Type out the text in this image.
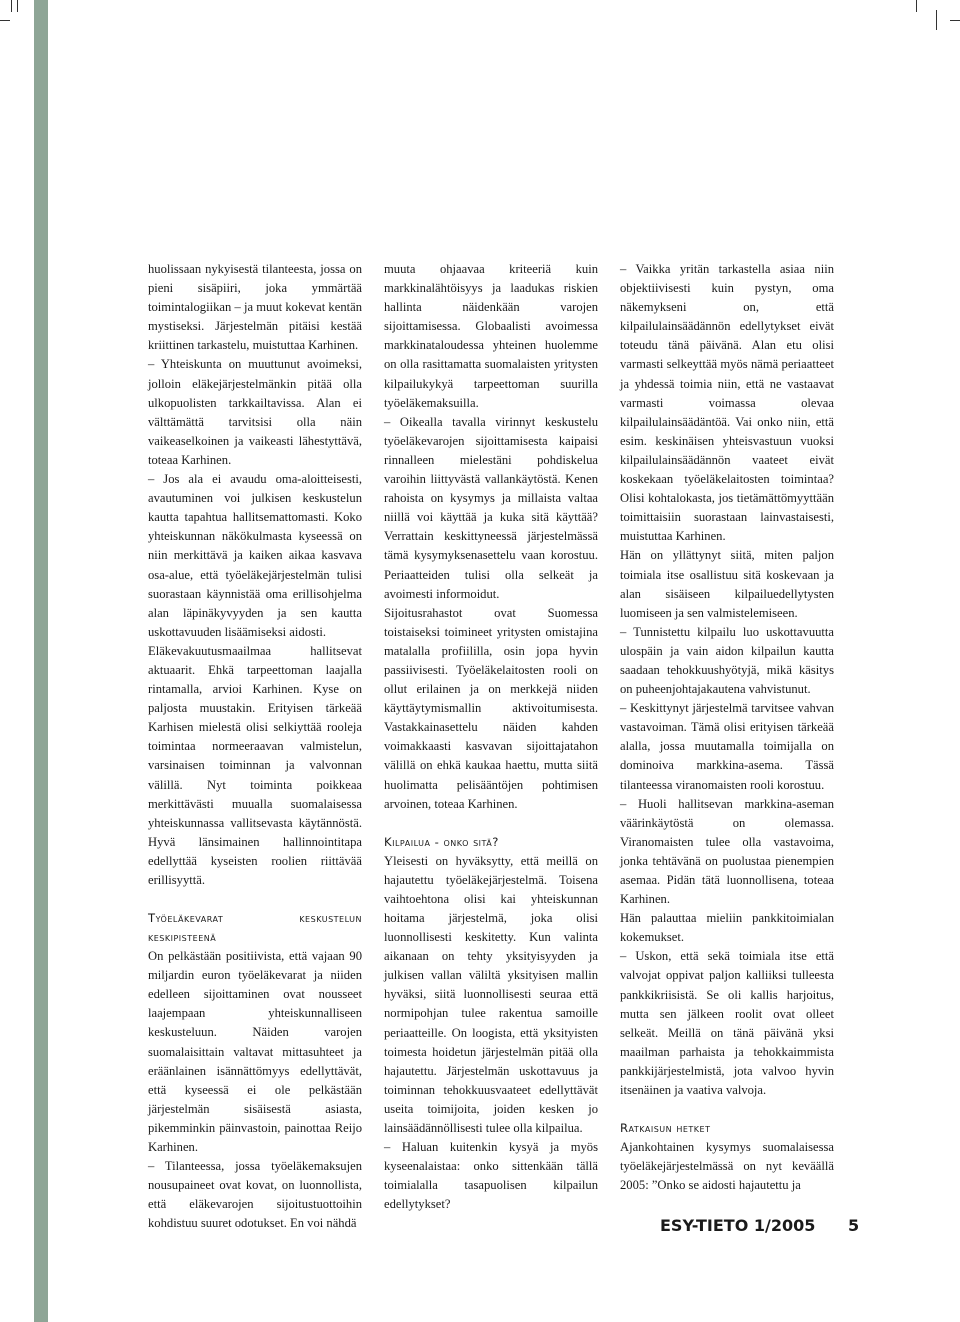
huolissaan nykyisestä tilanteesta, jossa on pieni sisäpiiri, joka ymmärtää toimintalogiikan – ja muut kokevat kentän mystiseksi. Järjestelmän pitäisi kestää kriittinen tarkastelu, muistuttaa Karhinen.

– Yhteiskunta on muuttunut avoimeksi, jolloin eläkejärjestelmänkin pitää olla ulkopuolisten tarkkailtavissa. Alan ei välttämättä tarvitsisi olla näin vaikeaselkoinen ja vaikeasti lähestyttävä, toteaa Karhinen.

– Jos ala ei avaudu oma-aloitteisesti, avautuminen voi julkisen keskustelun kautta tapahtua hallitsemattomasti. Koko yhteiskunnan näkökulmasta kyseessä on niin merkittävä ja kaiken aikaa kasvava osa-alue, että työeläkejärjestelmän tulisi suorastaan käynnistää oma erillisohjelma alan läpinäkyvyyden ja sen kautta uskottavuuden lisäämiseksi aidosti.

Eläkevakuutusmaailmaa hallitsevat aktuaarit. Ehkä tarpeettoman laajalla rintamalla, arvioi Karhinen. Kyse on paljosta muustakin. Erityisen tärkeää Karhisen mielestä olisi selkiyttää rooleja toimintaa normeeraavan valmistelun, varsinaisen toiminnan ja valvonnan välillä. Nyt toiminta poikkeaa merkittävästi muualla suomalaisessa yhteiskunnassa vallitsevasta käytännöstä. Hyvä länsimainen hallinnointitapa edellyttää kyseisten roolien riittävää erillisyyttä.

Työeläkevarat keskustelun keskipisteenä

On pelkästään positiivista, että vajaan 90 miljardin euron työeläkevarat ja niiden edelleen sijoittaminen ovat nousseet laajempaan yhteiskunnalliseen keskusteluun. Näiden varojen suomalaisittain valtavat mittasuhteet ja eräänlainen isännättömyys edellyttävät, että kyseessä ei ole pelkästään järjestelmän sisäisestä asiasta, pikemminkin päinvastoin, painottaa Reijo Karhinen.

– Tilanteessa, jossa työeläkemaksujen nousupaineet ovat kovat, on luonnollista, että eläkevarojen sijoitustuottoihin kohdistuu suuret odotukset. En voi nähdä

muuta ohjaavaa kriteeriä kuin markkinalähtöisyys ja laadukas riskien hallinta näidenkään varojen sijoittamisessa. Globaalisti avoimessa markkinataloudessa yhteinen huolemme on olla rasittamatta suomalaisten yritysten kilpailukykyä tarpeettoman suurilla työeläkemaksuilla.

– Oikealla tavalla virinnyt keskustelu työeläkevarojen sijoittamisesta kaipaisi rinnalleen mielestäni pohdiskelua varoihin liittyvästä vallankäytöstä. Kenen rahoista on kysymys ja millaista valtaa niillä voi käyttää ja kuka sitä käyttää? Verrattain keskittyneessä järjestelmässä tämä kysymyksenasettelu vaan korostuu. Periaatteiden tulisi olla selkeät ja avoimesti informoidut.

Sijoitusrahastot ovat Suomessa toistaiseksi toimineet yritysten omistajina matalalla profiililla, osin jopa hyvin passiivisesti. Työeläkelaitosten rooli on ollut erilainen ja on merkkejä niiden käyttäytymismallin aktivoitumisesta. Vastakkainasettelu näiden kahden voimakkaasti kasvavan sijoittajatahon välillä on ehkä kaukaa haettu, mutta siitä huolimatta pelisääntöjen pohtimisen arvoinen, toteaa Karhinen.

Kilpailua - onko sitä?

Yleisesti on hyväksytty, että meillä on hajautettu työeläkejärjestelmä. Toisena vaihtoehtona olisi kai yhteiskunnan hoitama järjestelmä, joka olisi luonnollisesti keskitetty. Kun valinta aikanaan on tehty yksityisyyden ja julkisen vallan väliltä yksityisen mallin hyväksi, siitä luonnollisesti seuraa että normipohjan tulee rakentua samoille periaatteille. On loogista, että yksityisten toimesta hoidetun järjestelmän pitää olla hajautettu. Järjestelmän uskottavuus ja toiminnan tehokkuusvaateet edellyttävät useita toimijoita, joiden kesken jo lainsäädännöllisesti tulee olla kilpailua.

– Haluan kuitenkin kysyä ja myös kyseenalaistaa: onko sittenkään tällä toimialalla tasapuolisen kilpailun edellytykset?

– Vaikka yritän tarkastella asiaa niin objektiivisesti kuin pystyn, oma näkemykseni on, että kilpailulainsäädännön edellytykset eivät toteudu tänä päivänä. Alan etu olisi varmasti selkeyttää myös nämä periaatteet ja yhdessä toimia niin, että ne vastaavat varmasti voimassa olevaa kilpailulainsäädäntöä. Vai onko niin, että esim. keskinäisen yhteisvastuun vuoksi kilpailulainsäädännön vaateet eivät koskekaan työeläkelaitosten toimintaa? Olisi kohtalokasta, jos tietämättömyyttään toimittaisiin suorastaan lainvastaisesti, muistuttaa Karhinen.

Hän on yllättynyt siitä, miten paljon toimiala itse osallistuu sitä koskevaan ja alan sisäiseen kilpailuedellytysten luomiseen ja sen valmistelemiseen.

– Tunnistettu kilpailu luo uskottavuutta ulospäin ja vain aidon kilpailun kautta saadaan tehokkuushyötyjä, mikä käsitys on puheenjohtajakautena vahvistunut.

– Keskittynyt järjestelmä tarvitsee vahvan vastavoiman. Tämä olisi erityisen tärkeää alalla, jossa muutamalla toimijalla on dominoiva markkina-asema. Tässä tilanteessa viranomaisten rooli korostuu.

– Huoli hallitsevan markkina-aseman väärinkäytöstä on olemassa. Viranomaisten tulee olla vastavoima, jonka tehtävänä on puolustaa pienempien asemaa. Pidän tätä luonnollisena, toteaa Karhinen.

Hän palauttaa mieliin pankkitoimialan kokemukset.

– Uskon, että sekä toimiala itse että valvojat oppivat paljon kalliiksi tulleesta pankkikriisistä. Se oli kallis harjoitus, mutta sen jälkeen roolit ovat olleet selkeät. Meillä on tänä päivänä yksi maailman parhaista ja tehokkaimmista pankkijärjestelmistä, jota valvoo hyvin itsenäinen ja vaativa valvoja.

Ratkaisun hetket

Ajankohtainen kysymys suomalaisessa työeläkejärjestelmässä on nyt keväällä 2005: ”Onko se aidosti hajautettu ja

ESY-TIETO 1/2005 5
